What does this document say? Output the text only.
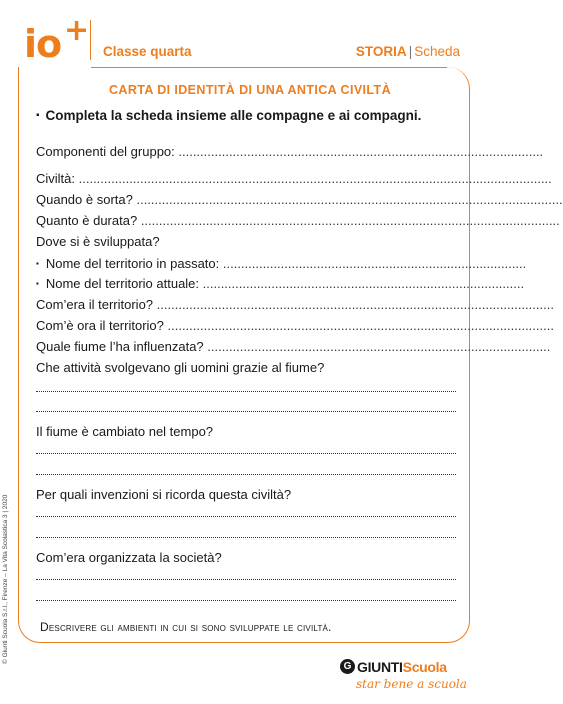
io +
Classe quarta	STORIA | Scheda
CARTA DI IDENTITÀ DI UNA ANTICA CIVILTÀ
▪ Completa la scheda insieme alle compagne e ai compagni.
Componenti del gruppo: .....................................................................................................
Civiltà: ...................................................................................................................................
Quando è sorta? ......................................................................................................................
Quanto è durata? ....................................................................................................................
Dove si è sviluppata?
▪ Nome del territorio in passato: ....................................................................................
▪ Nome del territorio attuale: .........................................................................................
Com’era il territorio? ..............................................................................................................
Com’è ora il territorio? ...........................................................................................................
Quale fiume l’ha influenzata? ...............................................................................................
Che attività svolgevano gli uomini grazie al fiume?
Il fiume è cambiato nel tempo?
Per quali invenzioni si ricorda questa civiltà?
Com’era organizzata la società?
Descrivere gli ambienti in cui si sono sviluppate le civiltà.
© Giunti Scuola S.r.l., Firenze – La Vita Scolastica 3 | 2020
G GIUNTIScuola
star bene a scuola
